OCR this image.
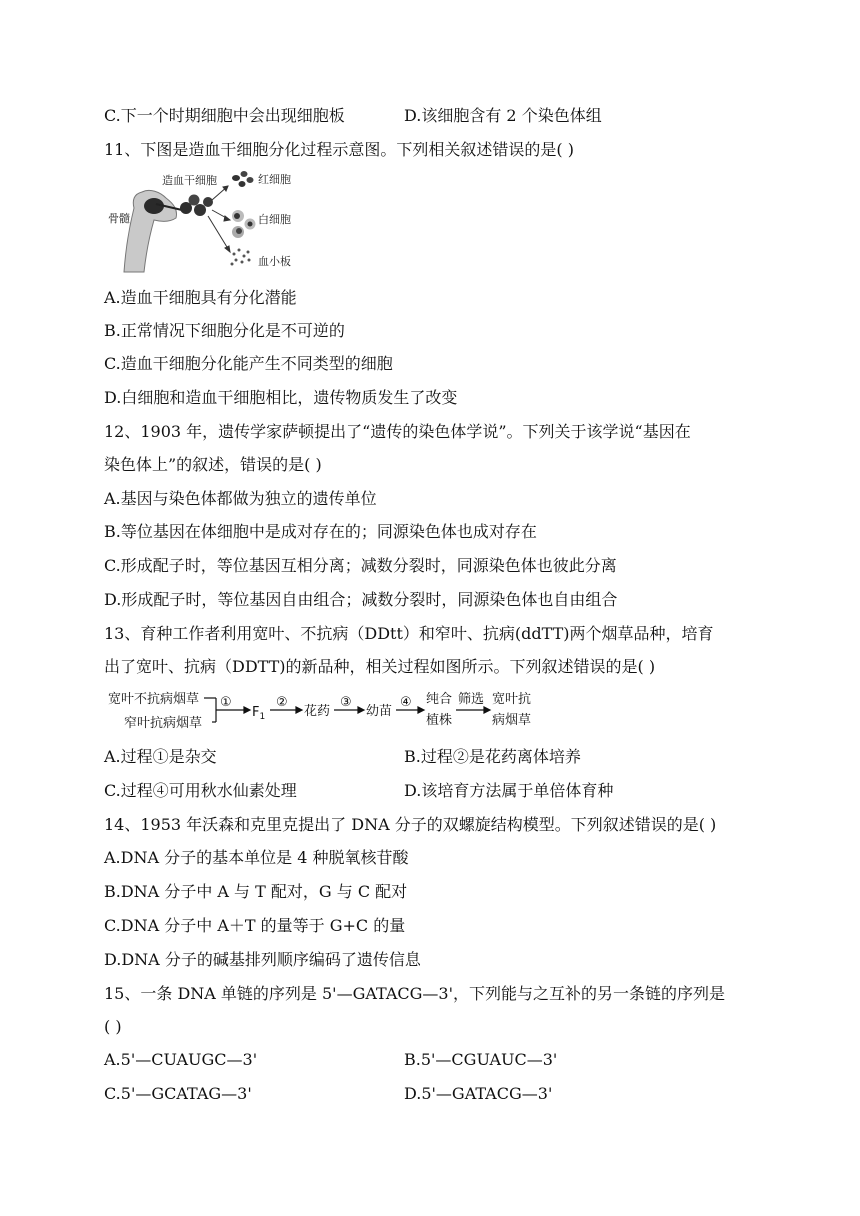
C.下一个时期细胞中会出现细胞板	D.该细胞含有 2 个染色体组
11、下图是造血干细胞分化过程示意图。下列相关叙述错误的是( )
骨髓
造血干细胞	红细胞
白细胞
血小板
A.造血干细胞具有分化潜能
B.正常情况下细胞分化是不可逆的
C.造血干细胞分化能产生不同类型的细胞
D.白细胞和造血干细胞相比，遗传物质发生了改变
12、1903 年，遗传学家萨顿提出了“遗传的染色体学说”。下列关于该学说“基因在
染色体上”的叙述，错误的是( )
A.基因与染色体都做为独立的遗传单位
B.等位基因在体细胞中是成对存在的；同源染色体也成对存在
C.形成配子时，等位基因互相分离；减数分裂时，同源染色体也彼此分离
D.形成配子时，等位基因自由组合；减数分裂时，同源染色体也自由组合
13、育种工作者利用宽叶、不抗病（DDtt）和窄叶、抗病(ddTT)两个烟草品种，培育
出了宽叶、抗病（DDTT)的新品种，相关过程如图所示。下列叙述错误的是( )
宽叶不抗病烟草
窄叶抗病烟草
①
$F_1$
②
花药
③
幼苗
④ 纯合
植株
筛选 宽叶抗
病烟草
A.过程①是杂交	B.过程②是花药离体培养
C.过程④可用秋水仙素处理	D.该培育方法属于单倍体育种
14、1953 年沃森和克里克提出了 DNA 分子的双螺旋结构模型。下列叙述错误的是( )
A.DNA 分子的基本单位是 4 种脱氧核苷酸
B.DNA 分子中 A 与 T 配对，G 与 C 配对
C.DNA 分子中 A＋T 的量等于 G+C 的量
D.DNA 分子的碱基排列顺序编码了遗传信息
15、一条 DNA 单链的序列是 5'—GATACG—3'，下列能与之互补的另一条链的序列是
( )
A.5'—CUAUGC—3'	B.5'—CGUAUC—3'
C.5'—GCATAG—3'	D.5'—GATACG—3'
